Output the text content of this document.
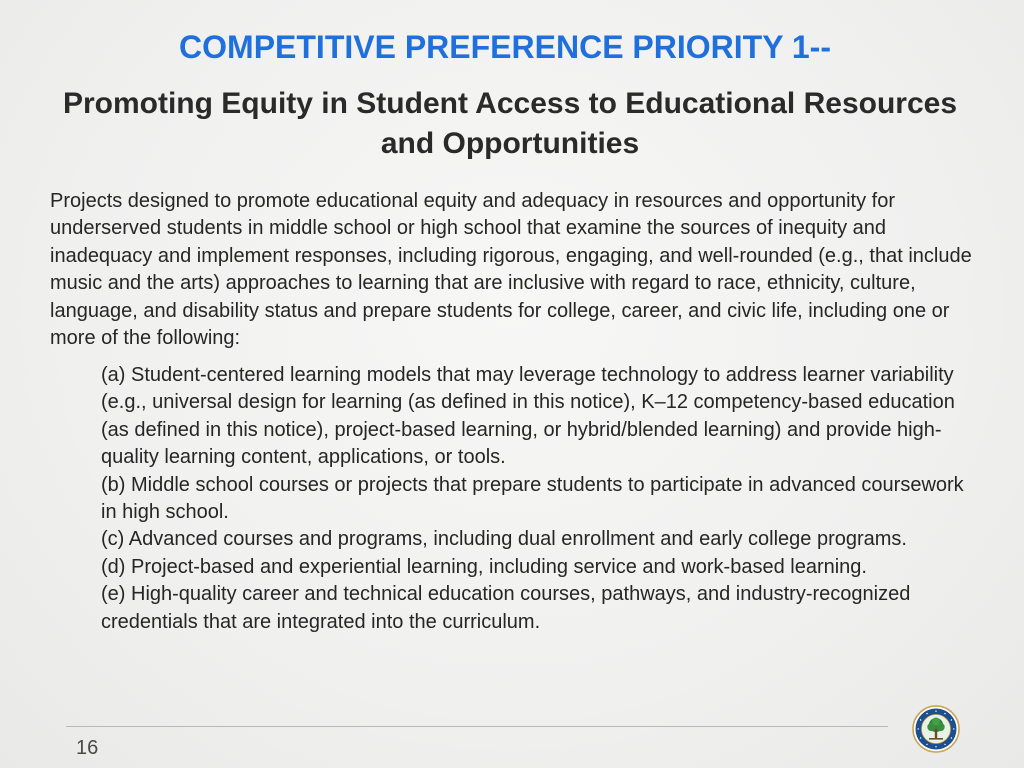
COMPETITIVE PREFERENCE PRIORITY 1--
Promoting Equity in Student Access to Educational Resources and Opportunities
Projects designed to promote educational equity and adequacy in resources and opportunity for underserved students in middle school or high school that examine the sources of inequity and inadequacy and implement responses, including rigorous, engaging, and well-rounded (e.g., that include music and the arts) approaches to learning that are inclusive with regard to race, ethnicity, culture, language, and disability status and prepare students for college, career, and civic life, including one or more of the following:

(a) Student-centered learning models that may leverage technology to address learner variability (e.g., universal design for learning (as defined in this notice), K–12 competency-based education (as defined in this notice), project-based learning, or hybrid/blended learning) and provide high-quality learning content, applications, or tools.

(b) Middle school courses or projects that prepare students to participate in advanced coursework in high school.

(c) Advanced courses and programs, including dual enrollment and early college programs.

(d) Project-based and experiential learning, including service and work-based learning.

(e) High-quality career and technical education courses, pathways, and industry-recognized credentials that are integrated into the curriculum.

16
